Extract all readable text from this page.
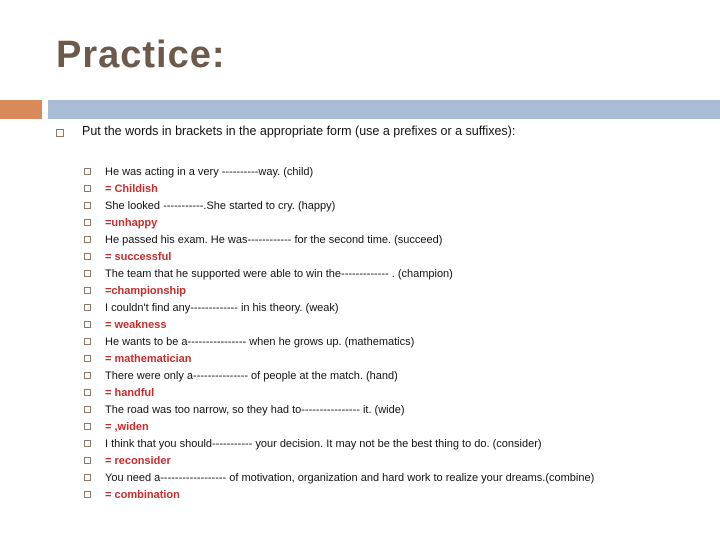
Practice:
Put the words in brackets in the appropriate form (use a prefixes or a suffixes):
He was acting in a very ----------way. (child)
= Childish
She looked -----------.She started to cry. (happy)
=unhappy
He passed his exam. He was------------ for the second time. (succeed)
= successful
The team that he supported were able to win the------------- . (champion)
=championship
I couldn't find any------------- in his theory. (weak)
= weakness
He wants to be a---------------- when he grows up. (mathematics)
= mathematician
There were only a--------------- of people at the match. (hand)
= handful
The road was too narrow, so they had to---------------- it. (wide)
= ,widen
I think that you should----------- your decision. It may not be the best thing to do. (consider)
= reconsider
You need a------------------ of motivation, organization and hard work to realize your dreams.(combine)
= combination
